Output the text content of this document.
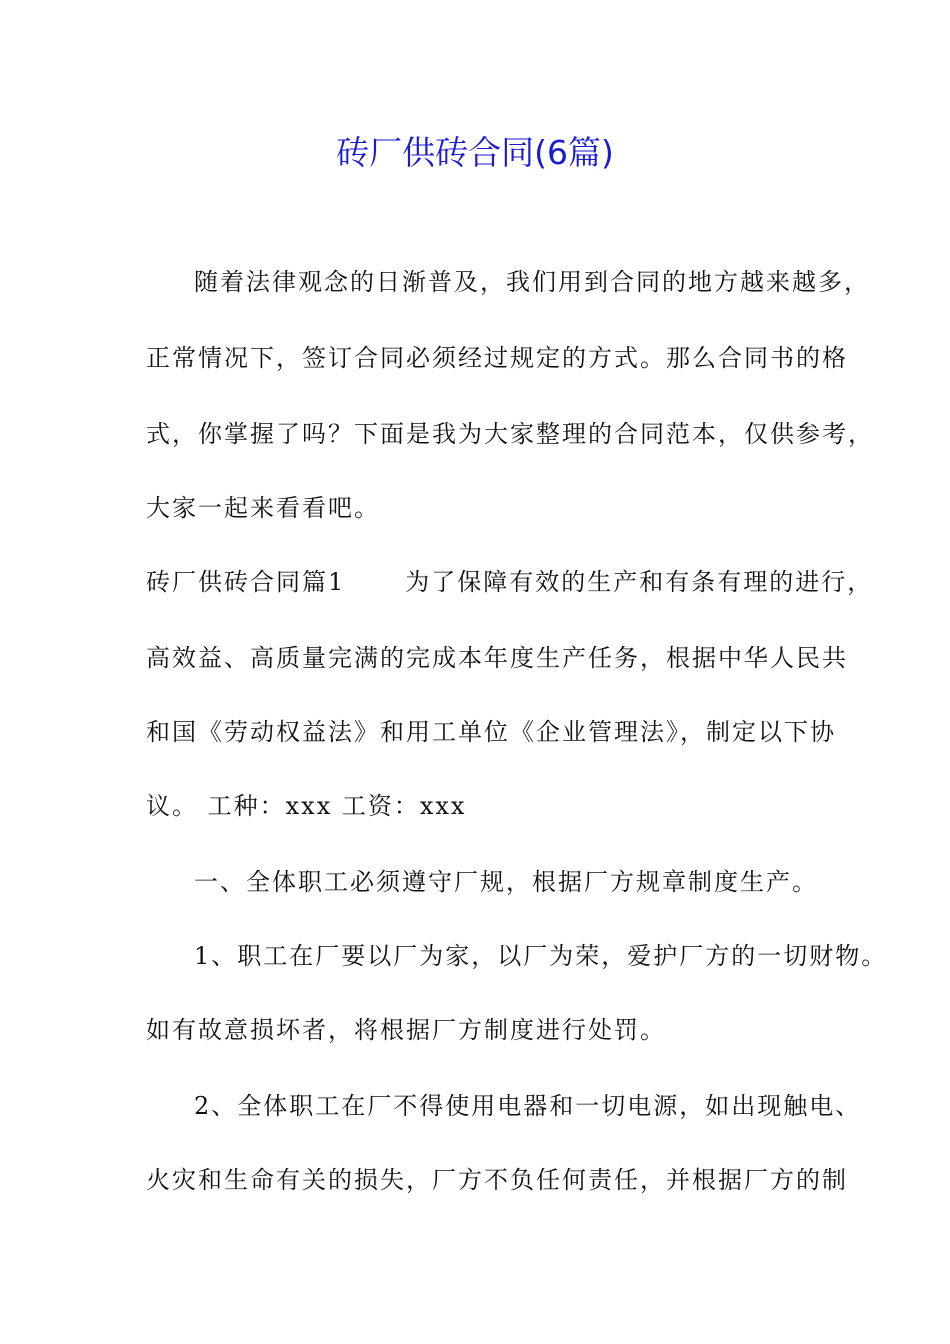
砖厂供砖合同(6篇)

随着法律观念的日渐普及，我们用到合同的地方越来越多，

正常情况下，签订合同必须经过规定的方式。那么合同书的格

式，你掌握了吗？下面是我为大家整理的合同范本，仅供参考，

大家一起来看看吧。

砖厂供砖合同篇1	为了保障有效的生产和有条有理的进行，

高效益、高质量完满的完成本年度生产任务，根据中华人民共

和国《劳动权益法》和用工单位《企业管理法》，制定以下协

议。 工种：xxx 工资：xxx

一、全体职工必须遵守厂规，根据厂方规章制度生产。

1、职工在厂要以厂为家，以厂为荣，爱护厂方的一切财物。

如有故意损坏者，将根据厂方制度进行处罚。

2、全体职工在厂不得使用电器和一切电源，如出现触电、

火灾和生命有关的损失，厂方不负任何责任，并根据厂方的制
